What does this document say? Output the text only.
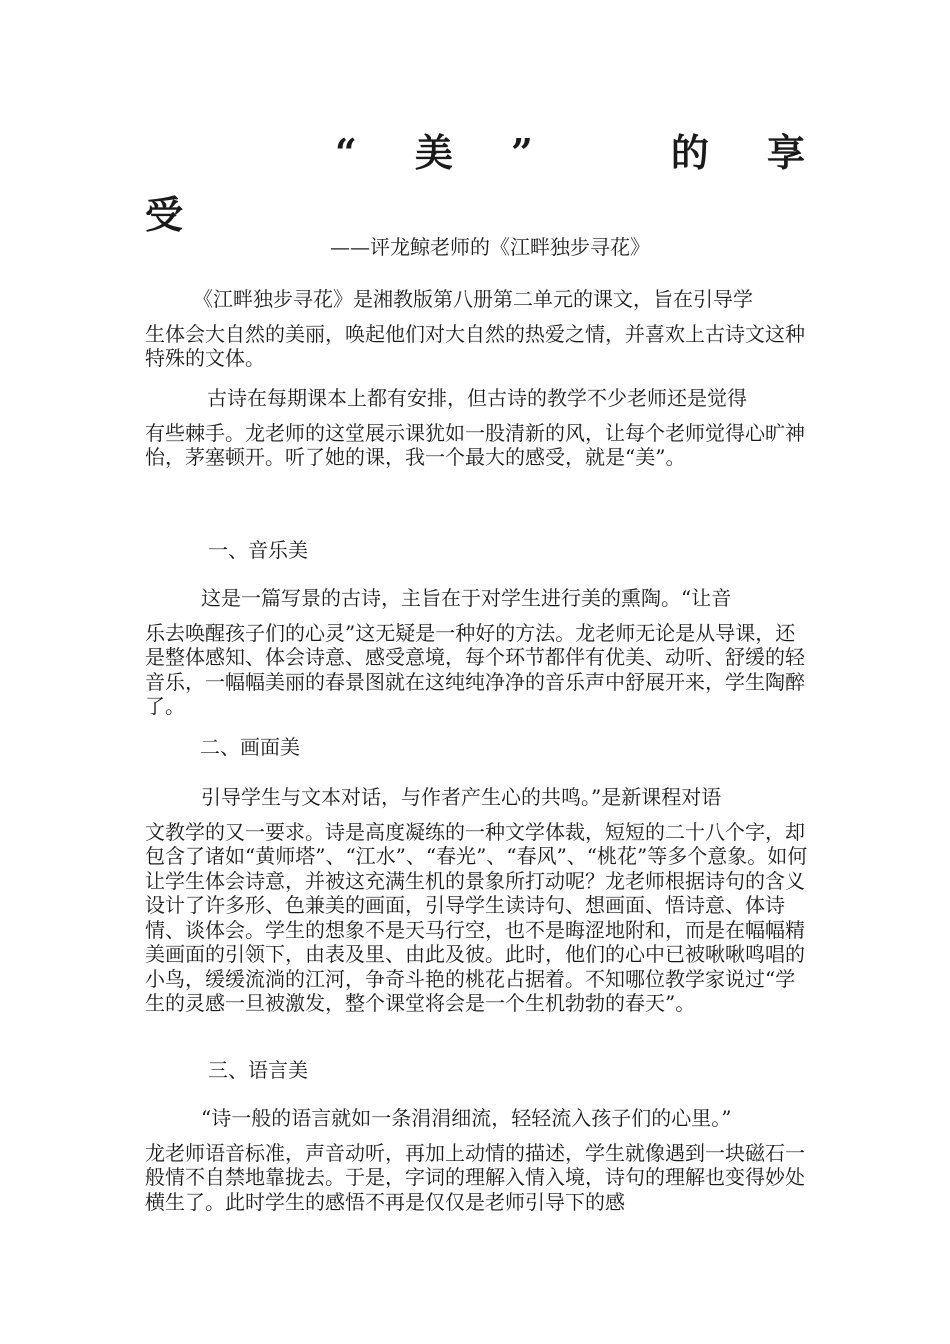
“ 美 ”	的 享
受
——评龙鲸老师的《江畔独步寻花》
《江畔独步寻花》是湘教版第八册第二单元的课文，旨在引导学
生体会大自然的美丽，唤起他们对大自然的热爱之情，并喜欢上古诗文这种特殊的文体。
古诗在每期课本上都有安排，但古诗的教学不少老师还是觉得
有些棘手。龙老师的这堂展示课犹如一股清新的风，让每个老师觉得心旷神怡，茅塞顿开。听了她的课，我一个最大的感受，就是“美”。
一、音乐美
这是一篇写景的古诗，主旨在于对学生进行美的熏陶。“让音
乐去唤醒孩子们的心灵”这无疑是一种好的方法。龙老师无论是从导课，还是整体感知、体会诗意、感受意境，每个环节都伴有优美、动听、舒缓的轻音乐，一幅幅美丽的春景图就在这纯纯净净的音乐声中舒展开来，学生陶醉了。
二、画面美
引导学生与文本对话，与作者产生心的共鸣。”是新课程对语
文教学的又一要求。诗是高度凝练的一种文学体裁，短短的二十八个字，却包含了诸如“黄师塔”、“江水”、“春光”、“春风”、“桃花”等多个意象。如何让学生体会诗意，并被这充满生机的景象所打动呢？龙老师根据诗句的含义设计了许多形、色兼美的画面，引导学生读诗句、想画面、悟诗意、体诗情、谈体会。学生的想象不是天马行空，也不是晦涩地附和，而是在幅幅精美画面的引领下，由表及里、由此及彼。此时，他们的心中已被啾啾鸣唱的小鸟，缓缓流淌的江河，争奇斗艳的桃花占据着。不知哪位教学家说过“学生的灵感一旦被激发，整个课堂将会是一个生机勃勃的春天”。
三、语言美
“诗一般的语言就如一条涓涓细流，轻轻流入孩子们的心里。”
龙老师语音标准，声音动听，再加上动情的描述，学生就像遇到一块磁石一般情不自禁地靠拢去。于是，字词的理解入情入境，诗句的理解也变得妙处横生了。此时学生的感悟不再是仅仅是老师引导下的感
